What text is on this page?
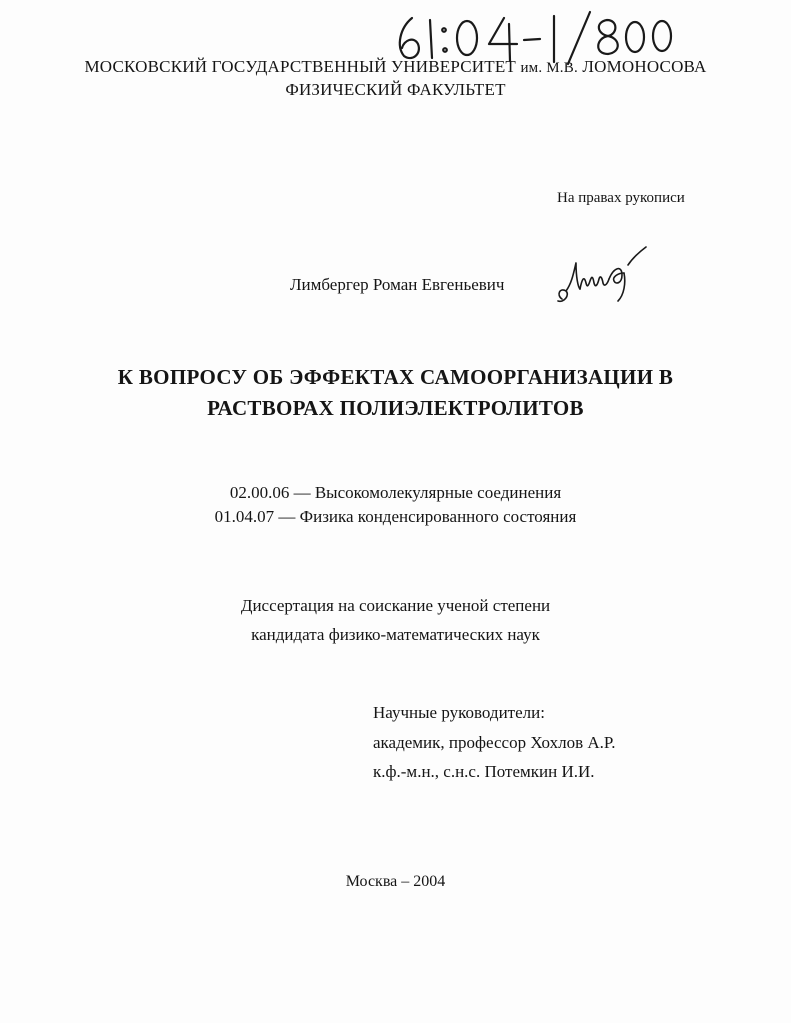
МОСКОВСКИЙ ГОСУДАРСТВЕННЫЙ УНИВЕРСИТЕТ им. М.В. ЛОМОНОСОВА
ФИЗИЧЕСКИЙ ФАКУЛЬТЕТ
На правах рукописи
Лимбергер Роман Евгеньевич
К ВОПРОСУ ОБ ЭФФЕКТАХ САМООРГАНИЗАЦИИ В
РАСТВОРАХ ПОЛИЭЛЕКТРОЛИТОВ
02.00.06 — Высокомолекулярные соединения
01.04.07 — Физика конденсированного состояния
Диссертация на соискание ученой степени
кандидата физико-математических наук
Научные руководители:
академик, профессор Хохлов А.Р.
к.ф.-м.н., с.н.с. Потемкин И.И.
Москва – 2004
